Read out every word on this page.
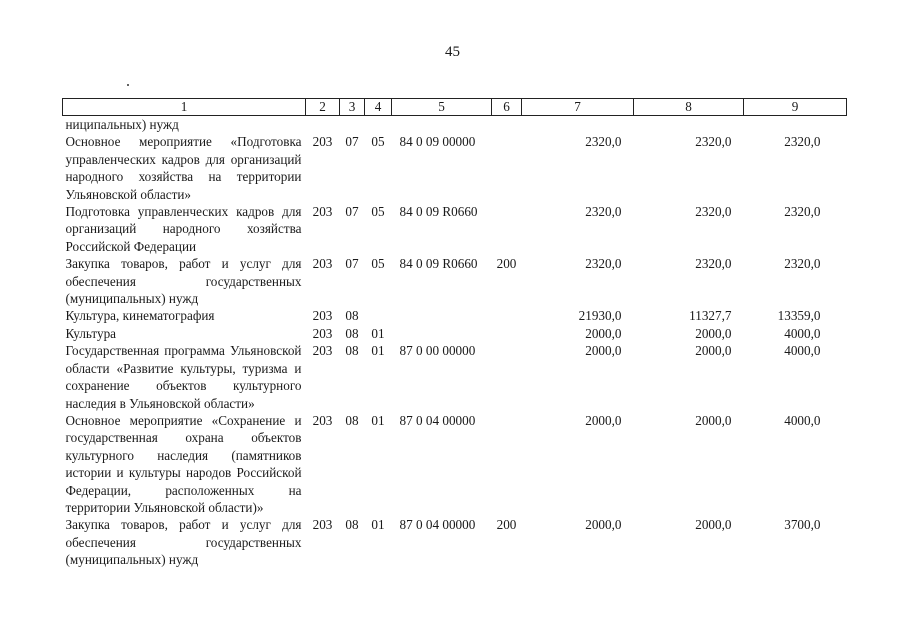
45
1	2	3	4	5	6	7	8	9
ниципальных) нужд								
Основное мероприятие «Подготовка управленческих кадров для организаций народного хозяйства на территории Ульяновской области»	203	07	05	84 0 09 00000		2320,0	2320,0	2320,0
Подготовка управленческих кадров для организаций народного хозяйства Российской Федерации	203	07	05	84 0 09 R0660		2320,0	2320,0	2320,0
Закупка товаров, работ и услуг для обеспечения государственных (муниципальных) нужд	203	07	05	84 0 09 R0660	200	2320,0	2320,0	2320,0
Культура, кинематография	203	08				21930,0	11327,7	13359,0
Культура	203	08	01			2000,0	2000,0	4000,0
Государственная программа Ульяновской области «Развитие культуры, туризма и сохранение объектов культурного наследия в Ульяновской области»	203	08	01	87 0 00 00000		2000,0	2000,0	4000,0
Основное мероприятие «Сохранение и государственная охрана объектов культурного наследия (памятников истории и культуры народов Российской Федерации, расположенных на территории Ульяновской области)»	203	08	01	87 0 04 00000		2000,0	2000,0	4000,0
Закупка товаров, работ и услуг для обеспечения государственных (муниципальных) нужд	203	08	01	87 0 04 00000	200	2000,0	2000,0	3700,0
